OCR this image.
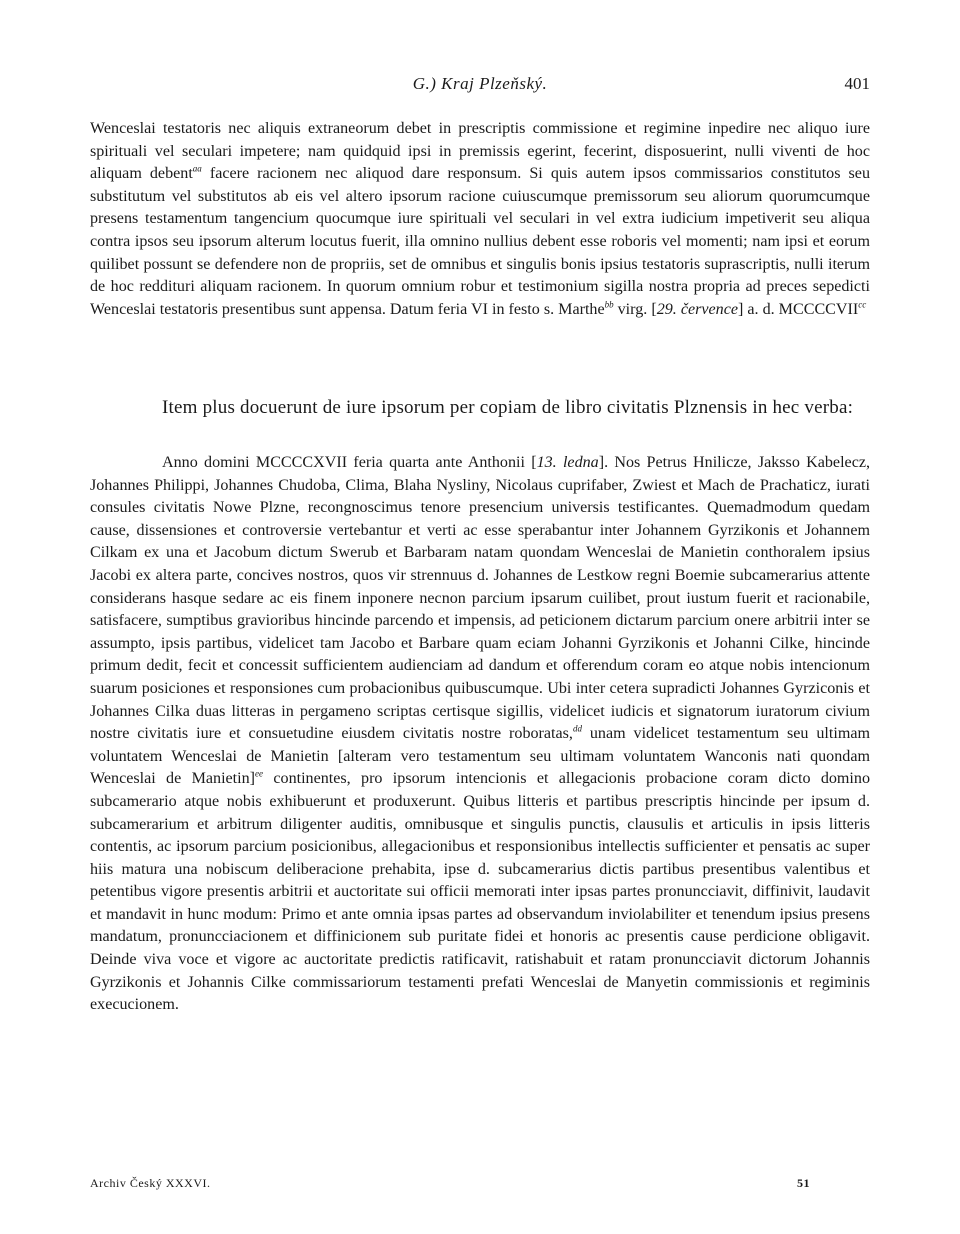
G.) Kraj Plzeňský.	401

Wenceslai testatoris nec aliquis extraneorum debet in prescriptis commissione et regimine inpedire nec aliquo iure spirituali vel seculari impetere; nam quidquid ipsi in premissis egerint, fecerint, disposuerint, nulli viventi de hoc aliquam debent$^{aa}$ facere racionem nec aliquod dare responsum. Si quis autem ipsos commissarios constitutos seu substitutum vel substitutos ab eis vel altero ipsorum racione cuiuscumque premissorum seu aliorum quorumcumque presens testamentum tangencium quocumque iure spirituali vel seculari in vel extra iudicium impetiverit seu aliqua contra ipsos seu ipsorum alterum locutus fuerit, illa omnino nullius debent esse roboris vel momenti; nam ipsi et eorum quilibet possunt se defendere non de propriis, set de omnibus et singulis bonis ipsius testatoris suprascriptis, nulli iterum de hoc reddituri aliquam racionem. In quorum omnium robur et testimonium sigilla nostra propria ad preces sepedicti Wenceslai testatoris presentibus sunt appensa. Datum feria VI in festo s. Marthe$^{bb}$ virg. [29. července] a. d. $MCCCCVII^{cc}$

Item plus docuerunt de iure ipsorum per copiam de libro civitatis Plznensis in hec verba:

Anno domini MCCCCXVII feria quarta ante Anthonii [13. ledna]. Nos Petrus Hnilicze, Jaksso Kabelecz, Johannes Philippi, Johannes Chudoba, Clima, Blaha Nysliny, Nicolaus cuprifaber, Zwiest et Mach de Prachaticz, iurati consules civitatis Nowe Plzne, recongnoscimus tenore presencium universis testificantes. Quemadmodum quedam cause, dissensiones et controversie vertebantur et verti ac esse sperabantur inter Johannem Gyrzikonis et Johannem Cilkam ex una et Jacobum dictum Swerub et Barbaram natam quondam Wenceslai de Manietin conthoralem ipsius Jacobi ex altera parte, concives nostros, quos vir strennuus d. Johannes de Lestkow regni Boemie subcamerarius attente considerans hasque sedare ac eis finem inponere necnon parcium ipsarum cuilibet, prout iustum fuerit et racionabile, satisfacere, sumptibus gravioribus hincinde parcendo et impensis, ad peticionem dictarum parcium onere arbitrii inter se assumpto, ipsis partibus, videlicet tam Jacobo et Barbare quam eciam Johanni Gyrzikonis et Johanni Cilke, hincinde primum dedit, fecit et concessit sufficientem audienciam ad dandum et offerendum coram eo atque nobis intencionum suarum posiciones et responsiones cum probacionibus quibuscumque. Ubi inter cetera supradicti Johannes Gyrziconis et Johannes Cilka duas litteras in pergameno scriptas certisque sigillis, videlicet iudicis et signatorum iuratorum civium nostre civitatis iure et consuetudine eiusdem civitatis nostre roboratas,$^{dd}$ unam videlicet testamentum seu ultimam voluntatem Wenceslai de Manietin [alteram vero testamentum seu ultimam voluntatem Wanconis nati quondam Wenceslai de Manietin]$^{ee}$ continentes, pro ipsorum intencionis et allegacionis probacione coram dicto domino subcamerario atque nobis exhibuerunt et produxerunt. Quibus litteris et partibus prescriptis hincinde per ipsum d. subcamerarium et arbitrum diligenter auditis, omnibusque et singulis punctis, clausulis et articulis in ipsis litteris contentis, ac ipsorum parcium posicionibus, allegacionibus et responsionibus intellectis sufficienter et pensatis ac super hiis matura una nobiscum deliberacione prehabita, ipse d. subcamerarius dictis partibus presentibus valentibus et petentibus vigore presentis arbitrii et auctoritate sui officii memorati inter ipsas partes pronuncciavit, diffinivit, laudavit et mandavit in hunc modum: Primo et ante omnia ipsas partes ad observandum inviolabiliter et tenendum ipsius presens mandatum, pronuncciacionem et diffinicionem sub puritate fidei et honoris ac presentis cause perdicione obligavit. Deinde viva voce et vigore ac auctoritate predictis ratificavit, ratishabuit et ratam pronuncciavit dictorum Johannis Gyrzikonis et Johannis Cilke commissariorum testamenti prefati Wenceslai de Manyetin commissionis et regiminis execucionem.

Archiv Český XXXVI.	51
